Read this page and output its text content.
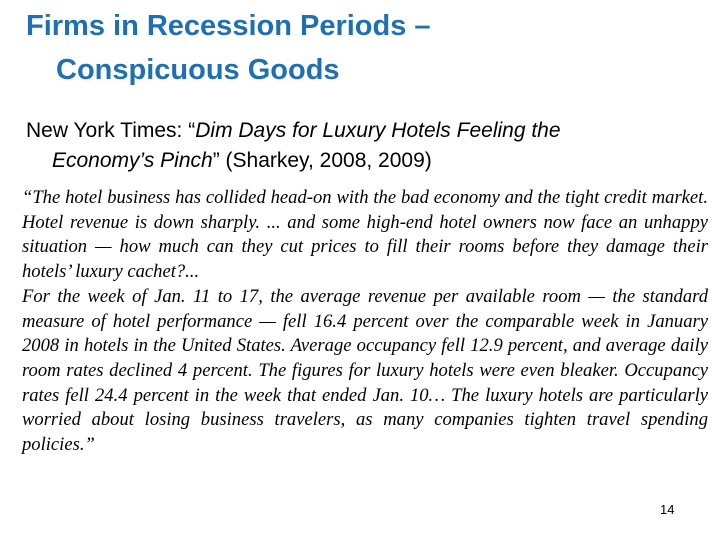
Firms in Recession Periods –
Conspicuous Goods
New York Times: “Dim Days for Luxury Hotels Feeling the
Economy’s Pinch” (Sharkey, 2008, 2009)

“The hotel business has collided head-on with the bad economy and the tight credit market. Hotel revenue is down sharply. ... and some high-end hotel owners now face an unhappy situation — how much can they cut prices to fill their rooms before they damage their hotels’ luxury cachet?...

For the week of Jan. 11 to 17, the average revenue per available room — the standard measure of hotel performance — fell 16.4 percent over the comparable week in January 2008 in hotels in the United States. Average occupancy fell 12.9 percent, and average daily room rates declined 4 percent. The figures for luxury hotels were even bleaker. Occupancy rates fell 24.4 percent in the week that ended Jan. 10… The luxury hotels are particularly worried about losing business travelers, as many companies tighten travel spending policies.”

14
